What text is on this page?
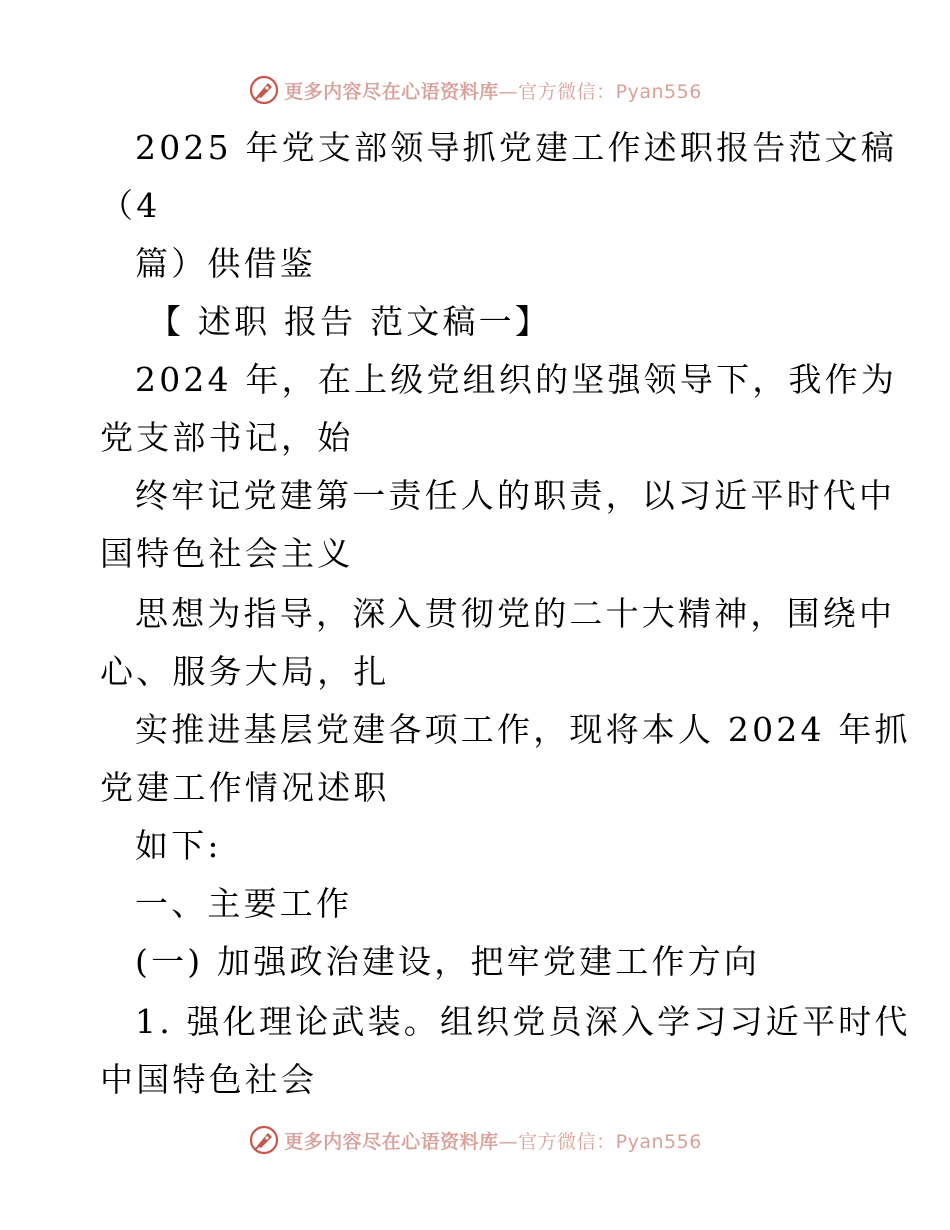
更多内容尽在心语资料库—官方微信：Pyan556
2025 年党支部领导抓党建工作述职报告范文稿
（4
篇）供借鉴
【 述职 报告 范文稿一】
2024 年，在上级党组织的坚强领导下，我作为
党支部书记，始
终牢记党建第一责任人的职责，以习近平时代中
国特色社会主义
思想为指导，深入贯彻党的二十大精神，围绕中
心、服务大局，扎
实推进基层党建各项工作，现将本人 2024 年抓
党建工作情况述职
如下:
一、主要工作
(一) 加强政治建设，把牢党建工作方向
1. 强化理论武装。组织党员深入学习习近平时代
中国特色社会
更多内容尽在心语资料库—官方微信：Pyan556
